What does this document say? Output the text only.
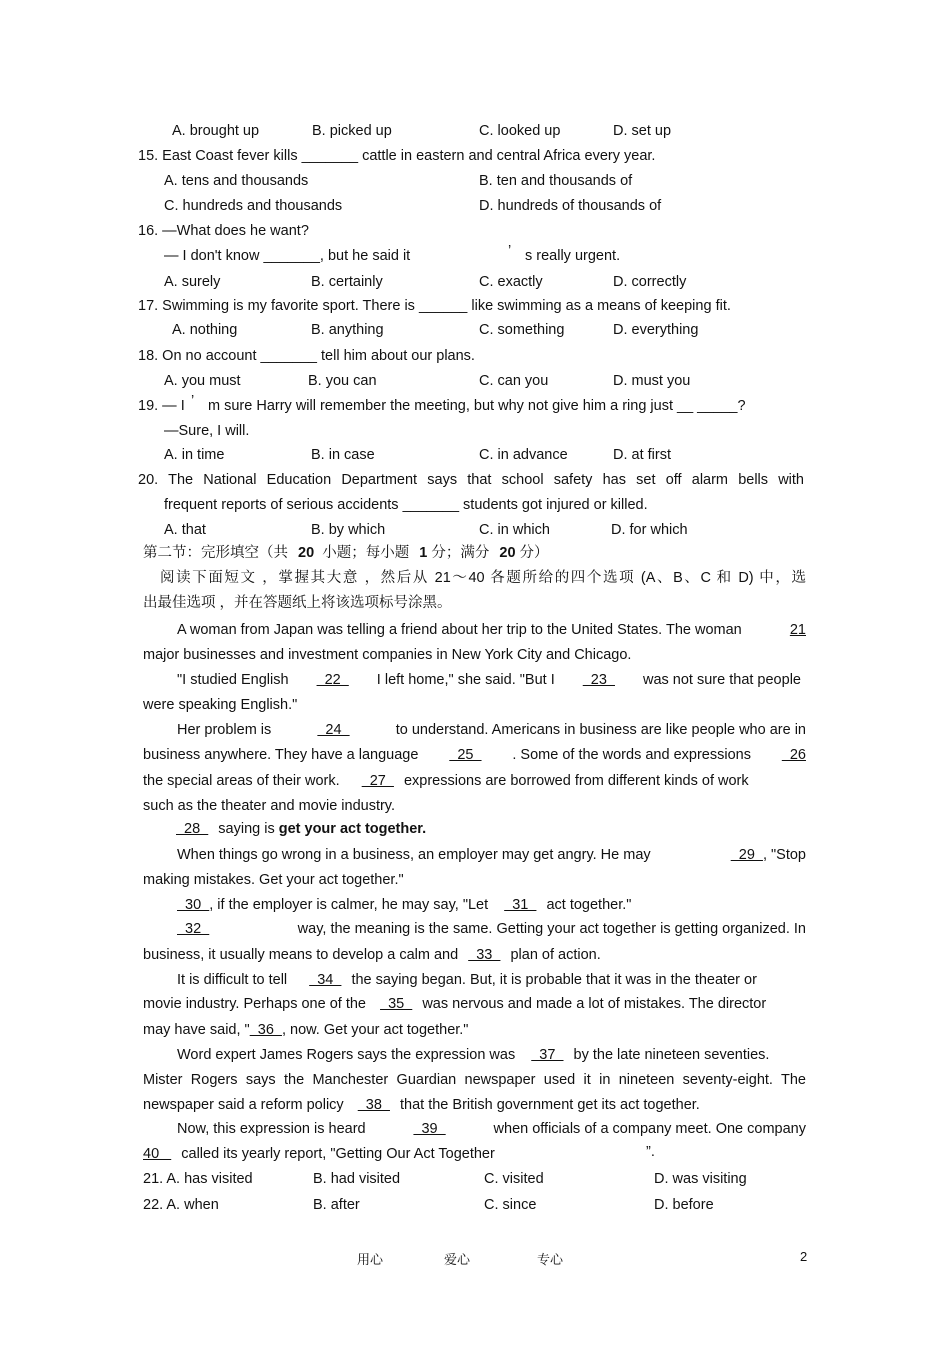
A. brought up	B. picked up	C. looked up	D. set up
15. East Coast fever kills _______ cattle in eastern and central Africa every year.
A. tens and thousands	B. ten and thousands of
C. hundreds and thousands	D. hundreds of thousands of
16. —What does he want?
— I don't know _______, but he said it	’ s really urgent.
A. surely	B. certainly	C. exactly	D. correctly
17. Swimming is my favorite sport. There is ______ like swimming as a means of keeping fit.
A. nothing	B. anything	C. something	D. everything
18. On no account _______ tell him about our plans.
A. you must	B. you can	C. can you	D. must you
19. — I ’ m sure Harry will remember the meeting, but why not give him a ring just __ _____?
—Sure, I will.
A. in time	B. in case	C. in advance	D. at first
20. The National Education Department says that school safety has set off alarm bells with
frequent reports of serious accidents _______ students got injured or killed.
A. that	B. by which	C. in which	D. for which
第二节：完形填空（共 20 小题；每小题 1 分；满分 20 分）
阅读下面短文 ，掌握其大意 ，然后从 21～40 各题所给的四个选项 (A、B、C 和 D) 中，选
出最佳选项 ，并在答题纸上将该选项标号涂黑。
A woman from Japan was telling a friend about her trip to the United States. The woman	21
major businesses and investment companies in New York City and Chicago.
"I studied English 22 I left home," she said. "But I 23 was not sure that people
were speaking English."
Her problem is	24	to understand. Americans in business are like people who are in
business anywhere. They have a language 25 . Some of the words and expressions 26
the special areas of their work.   27   expressions are borrowed from different kinds of work
such as the theater and movie industry.
28   saying is get your act together.
When things go wrong in a business, an employer may get angry. He may	29  , "Stop
making mistakes. Get your act together."
30  , if the employer is calmer, he may say, "Let   31   act together."
32	way, the meaning is the same. Getting your act together is getting organized. In
business, it usually means to develop a calm and   33   plan of action.
It is difficult to tell   34   the saying began. But, it is probable that it was in the theater or
movie industry. Perhaps one of the   35   was nervous and made a lot of mistakes. The director
may have said, "  36  , now. Get your act together."
Word expert James Rogers says the expression was   37   by the late nineteen seventies.
Mister Rogers says the Manchester Guardian newspaper used it in nineteen seventy-eight. The
newspaper said a reform policy   38   that the British government get its act together.
Now, this expression is heard	39	when officials of a company meet. One company
40    called its yearly report, "Getting Our Act Together	”.
21. A. has visited	B. had visited	C. visited	D. was visiting
22. A. when	B. after	C. since	D. before
用心	爱心	专心	2
